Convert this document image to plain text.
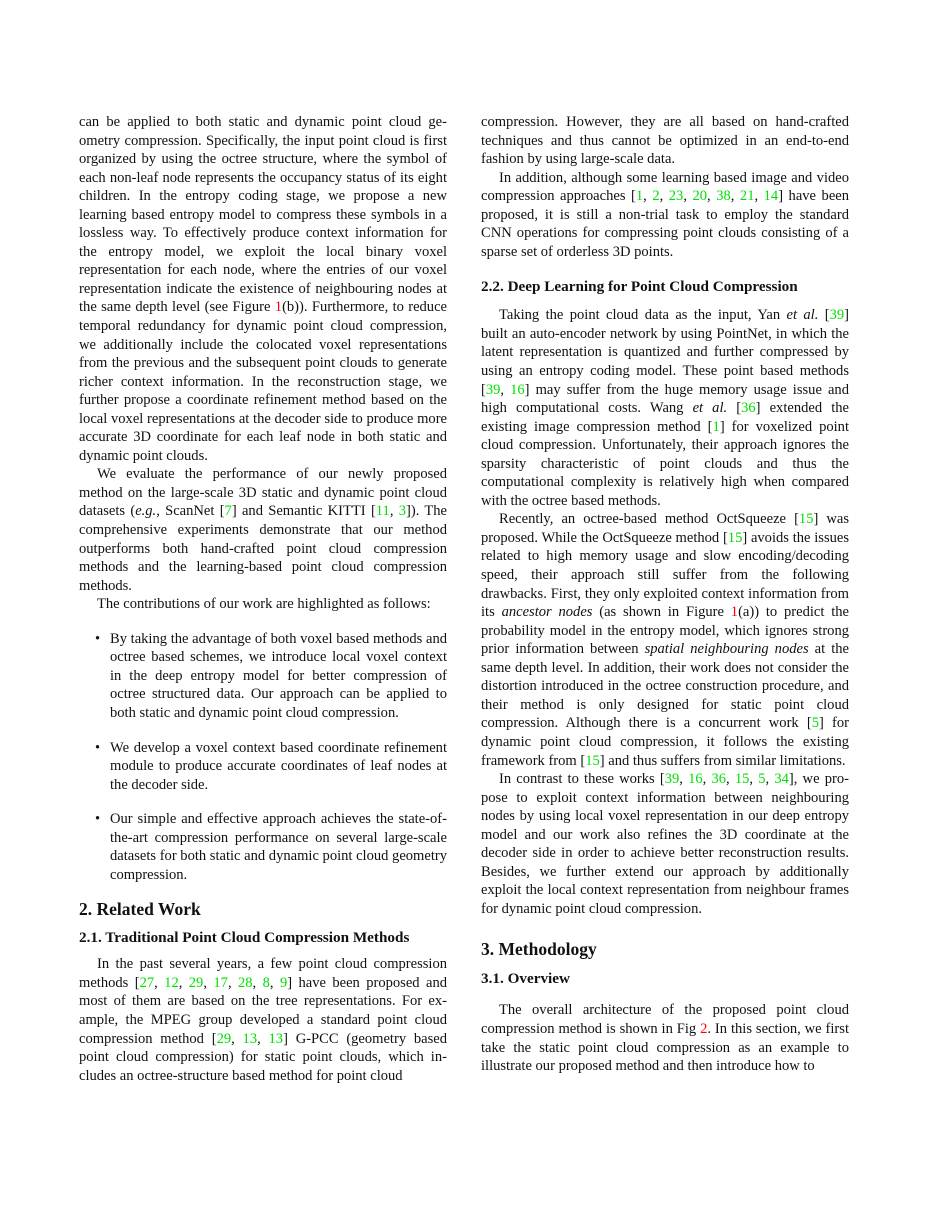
can be applied to both static and dynamic point cloud geometry compression. Specifically, the input point cloud is first organized by using the octree structure, where the symbol of each non-leaf node represents the occupancy status of its eight children. In the entropy coding stage, we propose a new learning based entropy model to compress these symbols in a lossless way. To effectively produce context information for the entropy model, we exploit the local binary voxel representation for each node, where the entries of our voxel representation indicate the existence of neighbouring nodes at the same depth level (see Figure 1(b)). Furthermore, to reduce temporal redundancy for dynamic point cloud compression, we additionally include the colocated voxel representations from the previous and the subsequent point clouds to generate richer context information. In the reconstruction stage, we further propose a coordinate refinement method based on the local voxel representations at the decoder side to produce more accurate 3D coordinate for each leaf node in both static and dynamic point clouds.

We evaluate the performance of our newly proposed method on the large-scale 3D static and dynamic point cloud datasets (e.g., ScanNet [7] and Semantic KITTI [11, 3]). The comprehensive experiments demonstrate that our method outperforms both hand-crafted point cloud compression methods and the learning-based point cloud compression methods.

The contributions of our work are highlighted as follows:

• By taking the advantage of both voxel based methods and octree based schemes, we introduce local voxel context in the deep entropy model for better compression of octree structured data. Our approach can be applied to both static and dynamic point cloud compression.
• We develop a voxel context based coordinate refinement module to produce accurate coordinates of leaf nodes at the decoder side.
• Our simple and effective approach achieves the state-of-the-art compression performance on several large-scale datasets for both static and dynamic point cloud geometry compression.
2. Related Work
2.1. Traditional Point Cloud Compression Methods

In the past several years, a few point cloud compression methods [27, 12, 29, 17, 28, 8, 9] have been proposed and most of them are based on the tree representations. For example, the MPEG group developed a standard point cloud compression method [29, 13, 13] G-PCC (geometry based point cloud compression) for static point clouds, which includes an octree-structure based method for point cloud

compression. However, they are all based on hand-crafted techniques and thus cannot be optimized in an end-to-end fashion by using large-scale data.

In addition, although some learning based image and video compression approaches [1, 2, 23, 20, 38, 21, 14] have been proposed, it is still a non-trial task to employ the standard CNN operations for compressing point clouds consisting of a sparse set of orderless 3D points.

2.2. Deep Learning for Point Cloud Compression

Taking the point cloud data as the input, Yan et al. [39] built an auto-encoder network by using PointNet, in which the latent representation is quantized and further compressed by using an entropy coding model. These point based methods [39, 16] may suffer from the huge memory usage issue and high computational costs. Wang et al. [36] extended the existing image compression method [1] for voxelized point cloud compression. Unfortunately, their approach ignores the sparsity characteristic of point clouds and thus the computational complexity is relatively high when compared with the octree based methods.

Recently, an octree-based method OctSqueeze [15] was proposed. While the OctSqueeze method [15] avoids the issues related to high memory usage and slow encoding/decoding speed, their approach still suffer from the following drawbacks. First, they only exploited context information from its ancestor nodes (as shown in Figure 1(a)) to predict the probability model in the entropy model, which ignores strong prior information between spatial neighbouring nodes at the same depth level. In addition, their work does not consider the distortion introduced in the octree construction procedure, and their method is only designed for static point cloud compression. Although there is a concurrent work [5] for dynamic point cloud compression, it follows the existing framework from [15] and thus suffers from similar limitations.

In contrast to these works [39, 16, 36, 15, 5, 34], we propose to exploit context information between neighbouring nodes by using local voxel representation in our deep entropy model and our work also refines the 3D coordinate at the decoder side in order to achieve better reconstruction results. Besides, we further extend our approach by additionally exploit the local context representation from neighbour frames for dynamic point cloud compression.

3. Methodology
3.1. Overview

The overall architecture of the proposed point cloud compression method is shown in Fig 2. In this section, we first take the static point cloud compression as an example to illustrate our proposed method and then introduce how to
